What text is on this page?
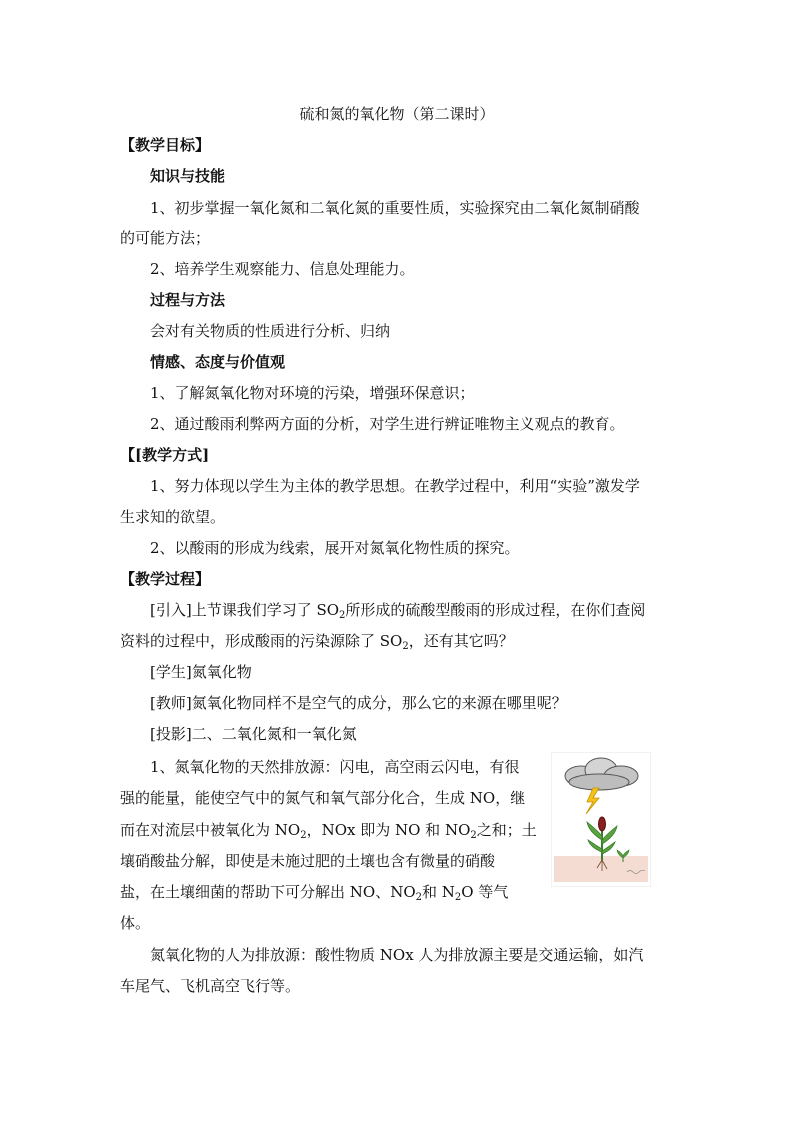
硫和氮的氧化物（第二课时）
【教学目标】
知识与技能
1、初步掌握一氧化氮和二氧化氮的重要性质，实验探究由二氧化氮制硝酸
的可能方法；
2、培养学生观察能力、信息处理能力。
过程与方法
会对有关物质的性质进行分析、归纳
情感、态度与价值观
1、了解氮氧化物对环境的污染，增强环保意识；
2、通过酸雨利弊两方面的分析，对学生进行辨证唯物主义观点的教育。
【[教学方式]
1、努力体现以学生为主体的教学思想。在教学过程中，利用“实验”激发学
生求知的欲望。
2、以酸雨的形成为线索，展开对氮氧化物性质的探究。
【教学过程】
[引入]上节课我们学习了 $SO_2$所形成的硫酸型酸雨的形成过程，在你们查阅
资料的过程中，形成酸雨的污染源除了 $SO_2$，还有其它吗？
[学生]氮氧化物
[教师]氮氧化物同样不是空气的成分，那么它的来源在哪里呢？
[投影]二、二氧化氮和一氧化氮
1、氮氧化物的天然排放源：闪电，高空雨云闪电，有很
强的能量，能使空气中的氮气和氧气部分化合，生成 NO，继
而在对流层中被氧化为 $NO_2$，NOx 即为 NO 和 $NO_2$之和；土
壤硝酸盐分解，即使是未施过肥的土壤也含有微量的硝酸
盐，在土壤细菌的帮助下可分解出 NO、$NO_2$和 $N_2O$ 等气
体。
氮氧化物的人为排放源：酸性物质 NOx 人为排放源主要是交通运输，如汽
车尾气、飞机高空飞行等。
